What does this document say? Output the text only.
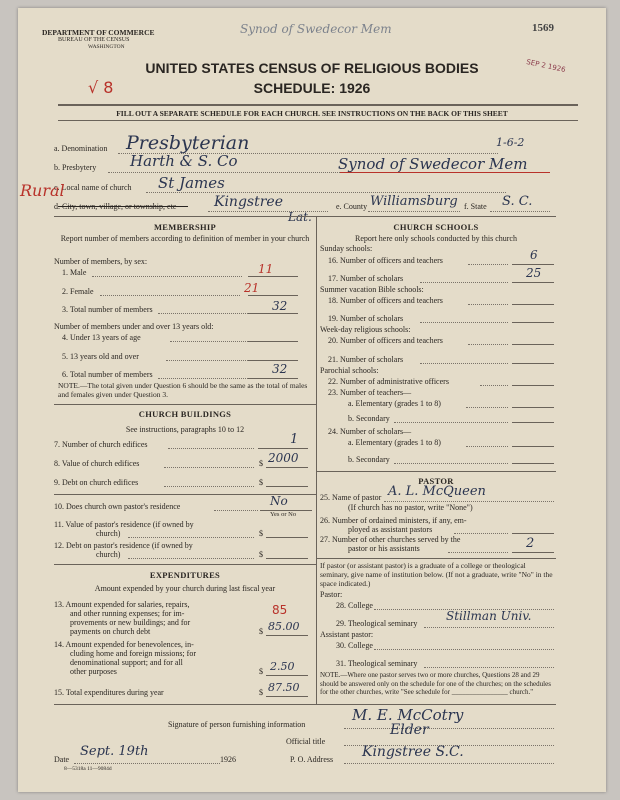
DEPARTMENT OF COMMERCE
BUREAU OF THE CENSUS
WASHINGTON
Synod of Swedecor Mem	1569
SEP 2 1926
√ 8
UNITED STATES CENSUS OF RELIGIOUS BODIES
SCHEDULE: 1926
FILL OUT A SEPARATE SCHEDULE FOR EACH CHURCH. SEE INSTRUCTIONS ON THE BACK OF THIS SHEET
a. Denomination Presbyterian	1-6-2
b. Presbytery Harth & S. Co	Synod of Swedecor Mem
c. Local name of church St James
Rural
d. City, town, village, or township, etc	Kingstree
Lat.
e. County Williamsburg f. State S. C.
MEMBERSHIP
Report number of members according to definition of member in your church
Number of members, by sex:
1. Male	11
2. Female	21
3. Total number of members	32
Number of members under and over 13 years old:
4. Under 13 years of age
5. 13 years old and over
6. Total number of members	32
NOTE.—The total given under Question 6 should be the same as the total of males and females given under Question 3.
CHURCH BUILDINGS
See instructions, paragraphs 10 to 12
7. Number of church edifices	1
8. Value of church edifices	$ 2000
9. Debt on church edifices	$
10. Does church own pastor's residence	No
Yes or No
11. Value of pastor's residence (if owned by
church)	$
12. Debt on pastor's residence (if owned by
church)	$
EXPENDITURES
Amount expended by your church during last fiscal year
13. Amount expended for salaries, repairs,
and other running expenses; for im-
provements or new buildings; and for
payments on church debt
85
$ 85.00
14. Amount expended for benevolences, in-
cluding home and foreign missions; for
denominational support; and for all
other purposes	$ 2.50
15. Total expenditures during year	$ 87.50
CHURCH SCHOOLS
Report here only schools conducted by this church
Sunday schools:
16. Number of officers and teachers	6
17. Number of scholars	25
Summer vacation Bible schools:
18. Number of officers and teachers
19. Number of scholars
Week-day religious schools:
20. Number of officers and teachers
21. Number of scholars
Parochial schools:
22. Number of administrative officers
23. Number of teachers—
a. Elementary (grades 1 to 8)
b. Secondary
24. Number of scholars—
a. Elementary (grades 1 to 8)
b. Secondary
PASTOR
25. Name of pastor A. L. McQueen
(If church has no pastor, write "None")
26. Number of ordained ministers, if any, em-
ployed as assistant pastors
27. Number of other churches served by the
pastor or his assistants	2
If pastor (or assistant pastor) is a graduate of a college or theological seminary, give name of institution below. (If not a graduate, write "No" in the space indicated.)
Pastor:
28. College
29. Theological seminary
Stillman Univ.
Assistant pastor:
30. College
31. Theological seminary
NOTE.—Where one pastor serves two or more churches, Questions 28 and 29 should be answered only on the schedule for one of the churches; on the schedules for the other churches, write "See schedule for ________________ church."
Signature of person furnishing information
M. E. McCotry
Official title
Elder
Date
Sept. 19th
1926	P. O. Address Kingstree S.C.
8—5318a 11—9084d
